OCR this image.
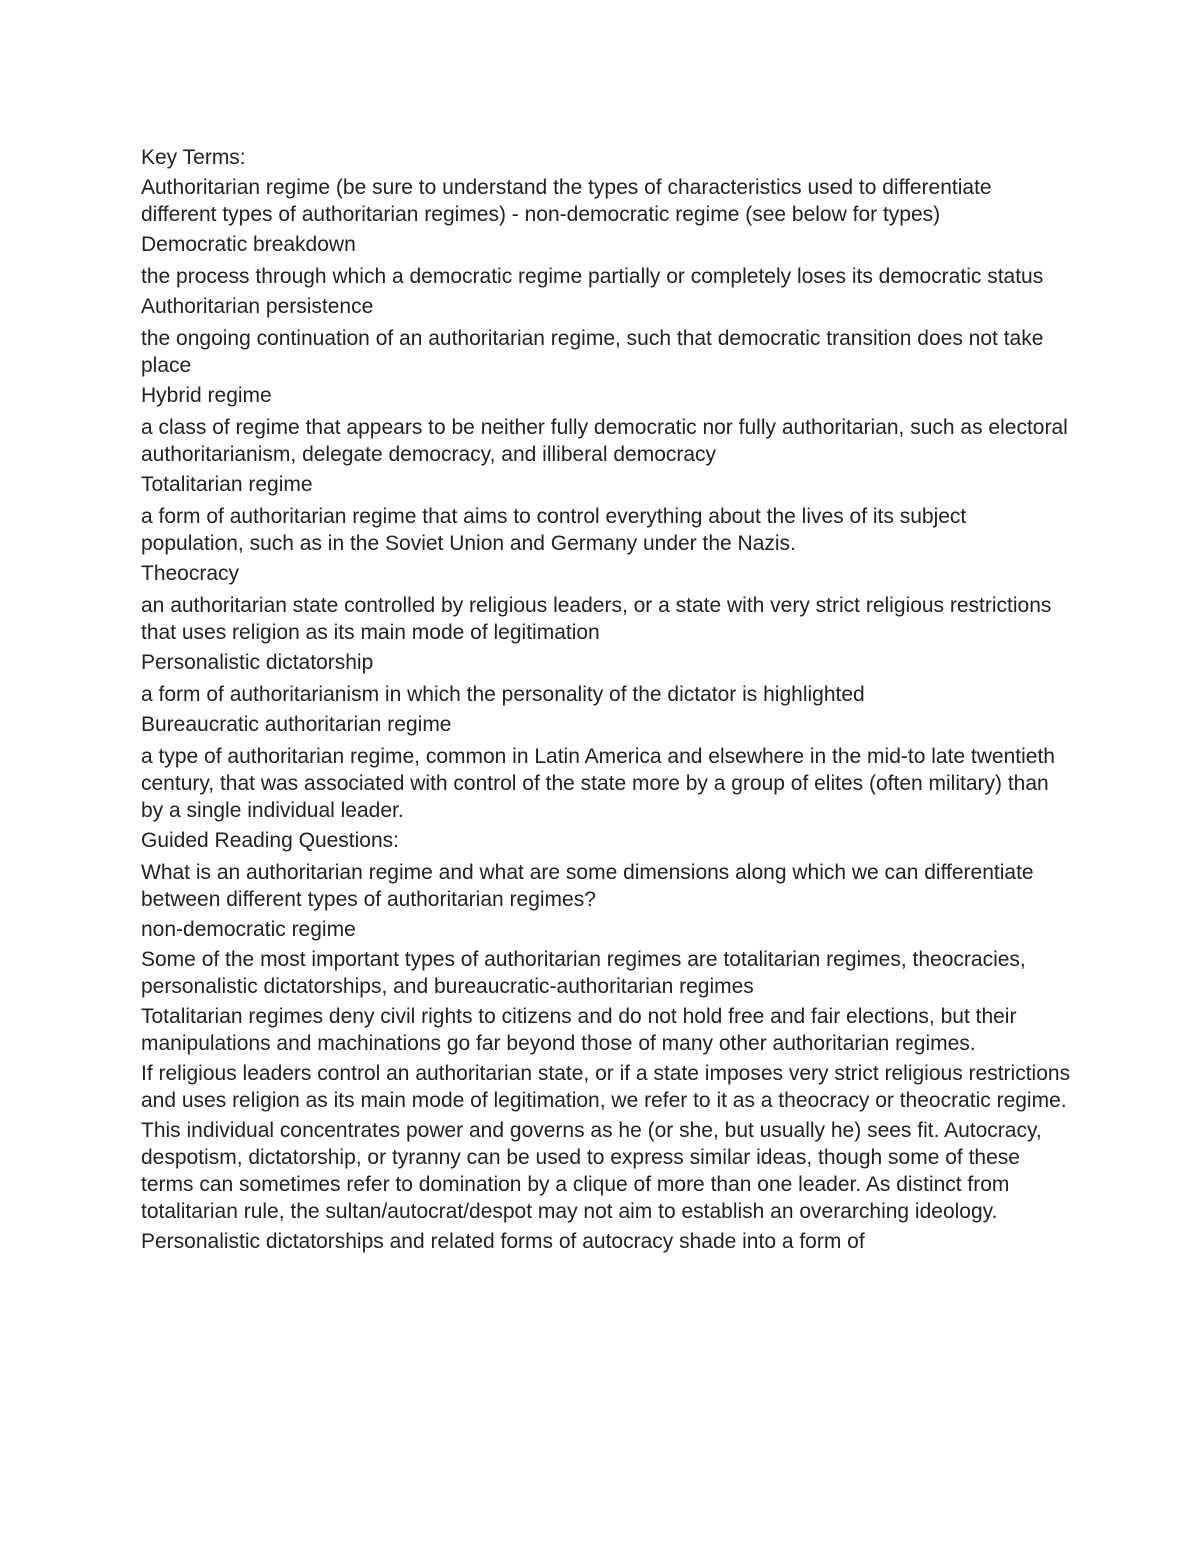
Key Terms:

Authoritarian regime (be sure to understand the types of characteristics used to differentiate different types of authoritarian regimes) - non-democratic regime (see below for types)

Democratic breakdown

the process through which a democratic regime partially or completely loses its democratic status

Authoritarian persistence

the ongoing continuation of an authoritarian regime, such that democratic transition does not take place

Hybrid regime

a class of regime that appears to be neither fully democratic nor fully authoritarian, such as electoral authoritarianism, delegate democracy, and illiberal democracy

Totalitarian regime

a form of authoritarian regime that aims to control everything about the lives of its subject population, such as in the Soviet Union and Germany under the Nazis.

Theocracy

an authoritarian state controlled by religious leaders, or a state with very strict religious restrictions that uses religion as its main mode of legitimation

Personalistic dictatorship

a form of authoritarianism in which the personality of the dictator is highlighted

Bureaucratic authoritarian regime

a type of authoritarian regime, common in Latin America and elsewhere in the mid-to late twentieth century, that was associated with control of the state more by a group of elites (often military) than by a single individual leader.

Guided Reading Questions:

What is an authoritarian regime and what are some dimensions along which we can differentiate between different types of authoritarian regimes?

non-democratic regime

Some of the most important types of authoritarian regimes are totalitarian regimes, theocracies, personalistic dictatorships, and bureaucratic-authoritarian regimes

Totalitarian regimes deny civil rights to citizens and do not hold free and fair elections, but their manipulations and machinations go far beyond those of many other authoritarian regimes.

If religious leaders control an authoritarian state, or if a state imposes very strict religious restrictions and uses religion as its main mode of legitimation, we refer to it as a theocracy or theocratic regime.

This individual concentrates power and governs as he (or she, but usually he) sees fit. Autocracy, despotism, dictatorship, or tyranny can be used to express similar ideas, though some of these terms can sometimes refer to domination by a clique of more than one leader. As distinct from totalitarian rule, the sultan/autocrat/despot may not aim to establish an overarching ideology.

Personalistic dictatorships and related forms of autocracy shade into a form of
